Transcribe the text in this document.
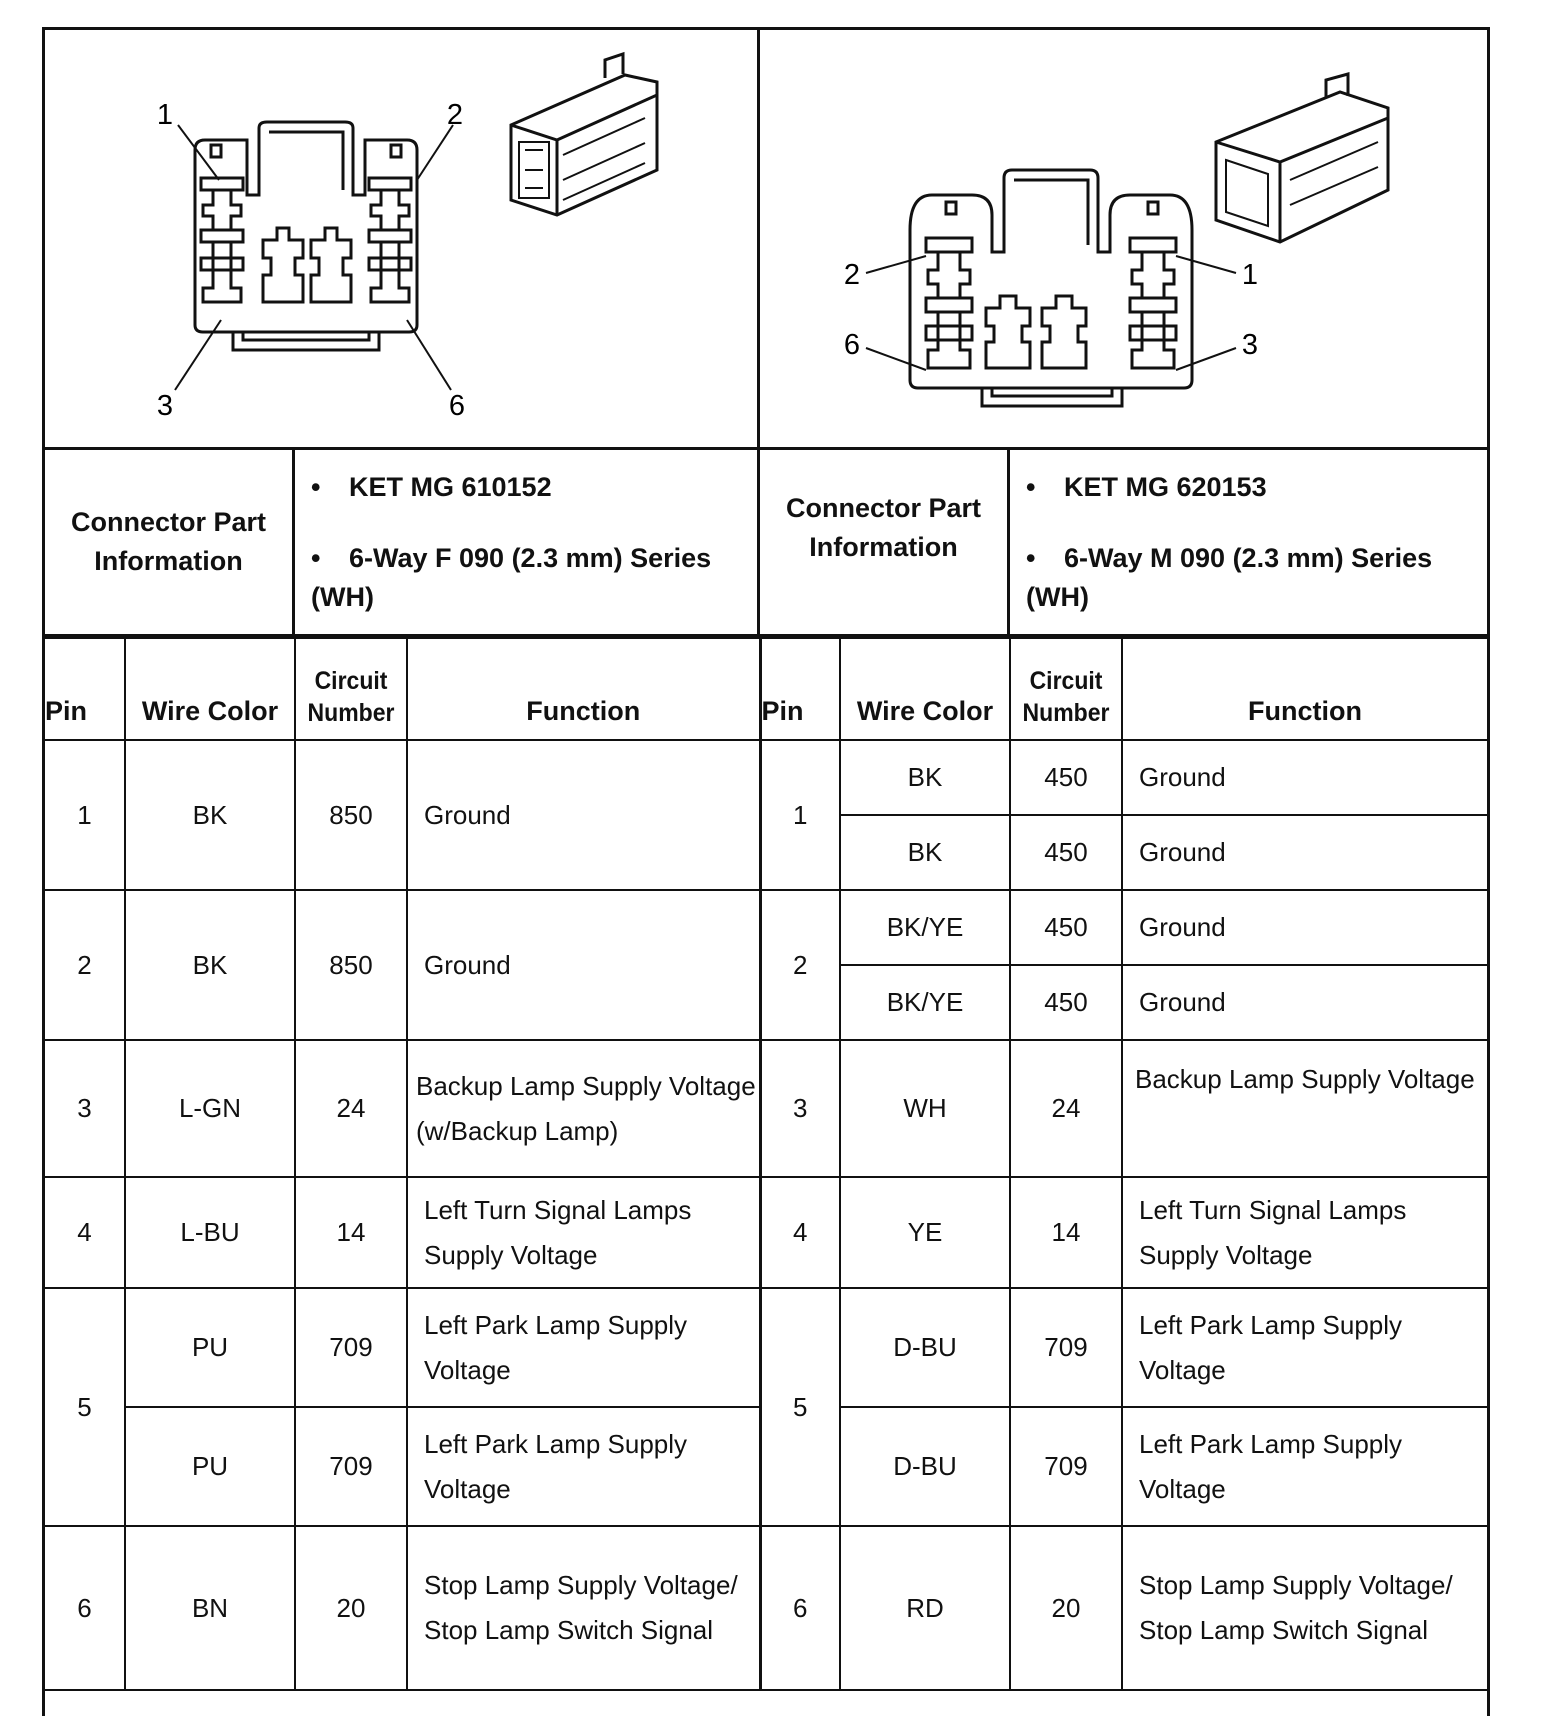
1	2
3	6
2	1
6	3
Connector Part Information
• KET MG 610152
• 6-Way F 090 (2.3 mm) Series (WH)
Connector Part Information
• KET MG 620153
• 6-Way M 090 (2.3 mm) Series (WH)
Pin	Wire Color	Circuit Number	Function	Pin	Wire Color	Circuit Number	Function
1	BK	850	Ground	1	BK	450	Ground
					BK	450	Ground
2	BK	850	Ground	2	BK/YE	450	Ground
					BK/YE	450	Ground
3	L-GN	24	Backup Lamp Supply Voltage (w/Backup Lamp)	3	WH	24	Backup Lamp Supply Voltage
4	L-BU	14	Left Turn Signal Lamps Supply Voltage	4	YE	14	Left Turn Signal Lamps Supply Voltage
5	PU	709	Left Park Lamp Supply Voltage	5	D-BU	709	Left Park Lamp Supply Voltage
	PU	709	Left Park Lamp Supply Voltage		D-BU	709	Left Park Lamp Supply Voltage
6	BN	20	Stop Lamp Supply Voltage/ Stop Lamp Switch Signal	6	RD	20	Stop Lamp Supply Voltage/ Stop Lamp Switch Signal
